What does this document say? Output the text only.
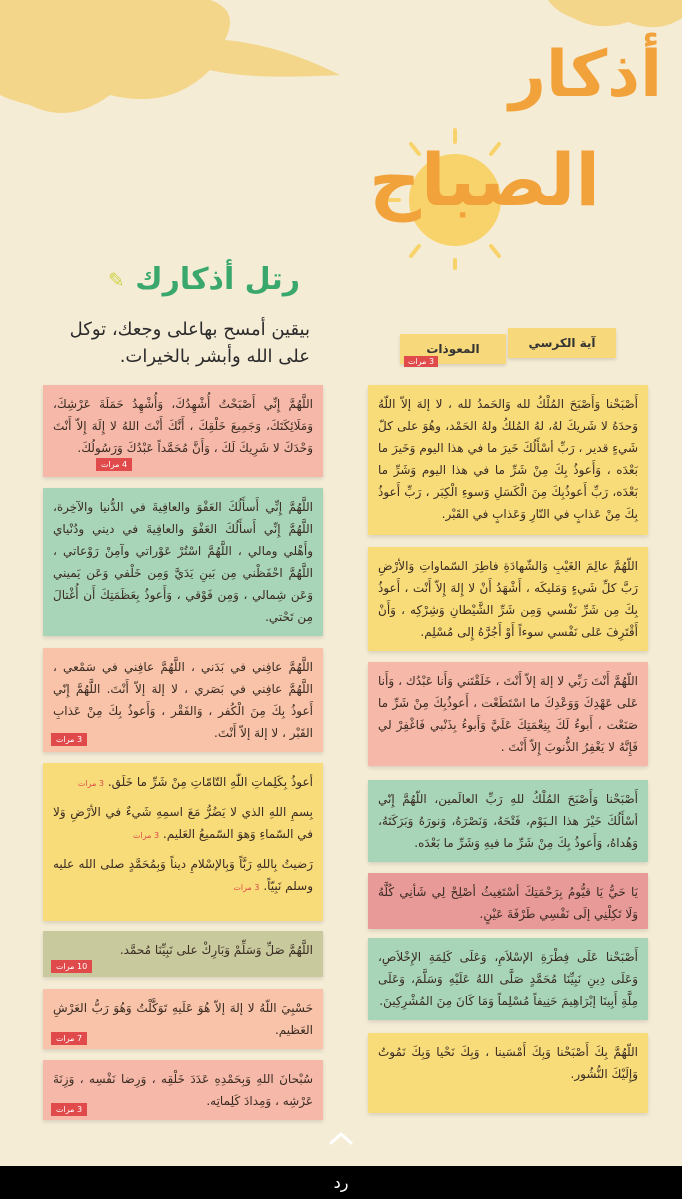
أذكار
الصباح
✎ رتل أذكارك
بيقين أمسح بهاعلى وجعك، توكل على الله وأبشر بالخيرات.
آية الكرسي
المعوذات
3 مرات
اللَّهُمَّ إِنِّي أَصْبَحْتُ أُشْهِدُكَ، وَأُشْهِدُ حَمَلَةَ عَرْشِكَ، وَمَلَائِكَتَكَ، وَجَمِيعَ خَلْقِكَ ، أَنَّكَ أَنْتَ اللهُ لا إِلَهَ إِلاّ أَنْتَ وَحْدَكَ لا شَرِيكَ لَكَ ، وَأَنَّ مُحَمَّداً عَبْدُكَ وَرَسُولُكَ.
4 مرات
اللَّهُمَّ إِنِّي أَسأَلُكَ العَفْوَ والعافِيةَ في الدُّنيا والآخِرة، اللَّهُمَّ إِنِّي أَسأَلُكَ العَفْوَ والعافِيةَ في ديني ودُنْياي وأَهْلي ومالي ، اللَّهُمَّ اسْتُرْ عَوْراتي وآمِنْ رَوْعاتي ، اللَّهُمَّ احْفَظْني مِن بَينِ يَدَيَّ وَمِن خَلْفي وَعَن يَميني وَعَن شِمالي ، وَمِن فَوْقي ، وَأَعوذُ بِعَظَمَتِكَ أَن أُغْتالَ مِن تَحْتي.
اللَّهُمَّ عافِني في بَدَني ، اللَّهُمَّ عافِني في سَمْعي ، اللَّهُمَّ عافِني في بَصَري ، لا إلهَ إلاّ أَنْتَ. اللَّهُمَّ إِنّي أَعوذُ بِكَ مِنَ الْكُفر ، وَالفَقْر ، وَأَعوذُ بِكَ مِنْ عَذابِ القَبْر ، لا إلهَ إلاّ أَنْتَ.
3 مرات
أعوذُ بِكَلِماتِ اللّهِ التّامّاتِ مِنْ شَرِّ ما خَلَق. 3 مرات
بِسمِ اللهِ الذي لا يَضُرُّ مَعَ اسمِهِ شَيءٌ في الأرْضِ وَلا في السّماءِ وَهوَ السّميعُ العَليم. 3 مرات
رَضيتُ بِاللهِ رَبَّاً وَبِالإسْلامِ ديناً وَبِمُحَمَّدٍ صلى الله عليه وسلم نَبِيّاً. 3 مرات
اللَّهُمَّ صَلِّ وَسَلِّمْ وَبَارِكْ على نَبِيِّنَا مُحمَّد.
10 مرات
حَسْبِيَ اللّهُ لا إلهَ إلاّ هُوَ عَلَيهِ تَوَكَّلْتُ وَهُوَ رَبُّ العَرْشِ العَظيم.
7 مرات
سُبْحانَ اللهِ وَبِحَمْدِهِ عَدَدَ خَلْقِه ، وَرِضا نَفْسِه ، وَزِنَةَ عَرْشِه ، وَمِدادَ كَلِماتِه.
3 مرات
أَصْبَحْنا وَأَصْبَحَ المُلْكُ لله وَالحَمدُ لله ، لا إلهَ إلاّ اللّهُ وَحدَهُ لا شَريكَ لهُ، لهُ المُلكُ ولهُ الحَمْد، وهُوَ على كلّ شَيءٍ قدير ، رَبِّ أسْأَلُكَ خَيرَ ما في هذا اليوم وَخَيرَ ما بَعْدَه ، وَأَعوذُ بِكَ مِنْ شَرِّ ما في هذا اليوم وَشَرِّ ما بَعْدَه، رَبِّ أَعوذُبِكَ مِنَ الْكَسَلِ وَسوءِ الْكِبَر ، رَبِّ أَعوذُ بِكَ مِنْ عَذابٍ في النّارِ وَعَذابٍ في القَبْر.
اللّهُمَّ عالِمَ الغَيْبِ وَالشّهادَةِ فاطِرَ السّماواتِ وَالأرْضِ رَبَّ كلِّ شَيءٍ وَمَليكَه ، أَشْهَدُ أَنْ لا إِلهَ إِلاّ أَنْت ، أَعوذُ بِكَ مِن شَرِّ نَفْسي وَمِن شَرِّ الشَّيْطانِ وَشِرْكِه ، وَأَنْ أَقْتَرِفَ عَلى نَفْسي سوءاً أَوْ أَجُرَّهُ إِلى مُسْلِم.
اللّهُمَّ أَنْتَ رَبِّي لا إلهَ إلاّ أَنْتَ ، خَلَقْتَني وَأَنا عَبْدُك ، وَأَنا عَلى عَهْدِكَ وَوَعْدِكَ ما اسْتَطَعْت ، أَعوذُبِكَ مِنْ شَرِّ ما صَنَعْت ، أَبوءُ لَكَ بِنِعْمَتِكَ عَلَيَّ وَأَبوءُ بِذَنْبي فَاغْفِرْ لي فَإِنَّهُ لا يَغْفِرُ الذُّنوبَ إِلاّ أَنْتَ .
أَصْبَحْنا وَأَصْبَحَ المُلْكُ للهِ رَبِّ العالَمين، اللّهُمَّ إِنّي أسْأَلُكَ خَيْرَ هذا الـيَوْم، فَتْحَهُ، وَنَصْرَهُ، وَنورَهُ وَبَرَكَتَهُ، وَهُداهُ، وَأَعوذُ بِكَ مِنْ شَرِّ ما فيهِ وَشَرِّ ما بَعْدَه.
يَا حَيُّ يَا قيُّومُ بِرَحْمَتِكَ أسْتَغِيثُ أصْلِحْ لِي شَأنِي كُلَّهُ وَلَا تَكِلْنِي إلَى نَفْسِي طَرْفَةَ عَيْنٍ.
أَصْبَحْنا عَلَى فِطْرَةِ الإسْلاَمِ، وَعَلَى كَلِمَةِ الإِخْلاَصِ، وَعَلَى دِينِ نَبِيِّنَا مُحَمَّدٍ صَلَّى اللهُ عَلَيْهِ وَسَلَّمَ، وَعَلَى مِلَّةِ أَبِينَا إبْرَاهِيمَ حَنِيفاً مُسْلِماً وَمَا كَانَ مِنَ المُشْرِكِينَ.
اللّهُمَّ بِكَ أَصْبَحْنا وَبِكَ أَمْسَينا ، وَبِكَ نَحْيا وَبِكَ نَمُوتُ وَإِلَيْكَ النُّشُور.
رد
